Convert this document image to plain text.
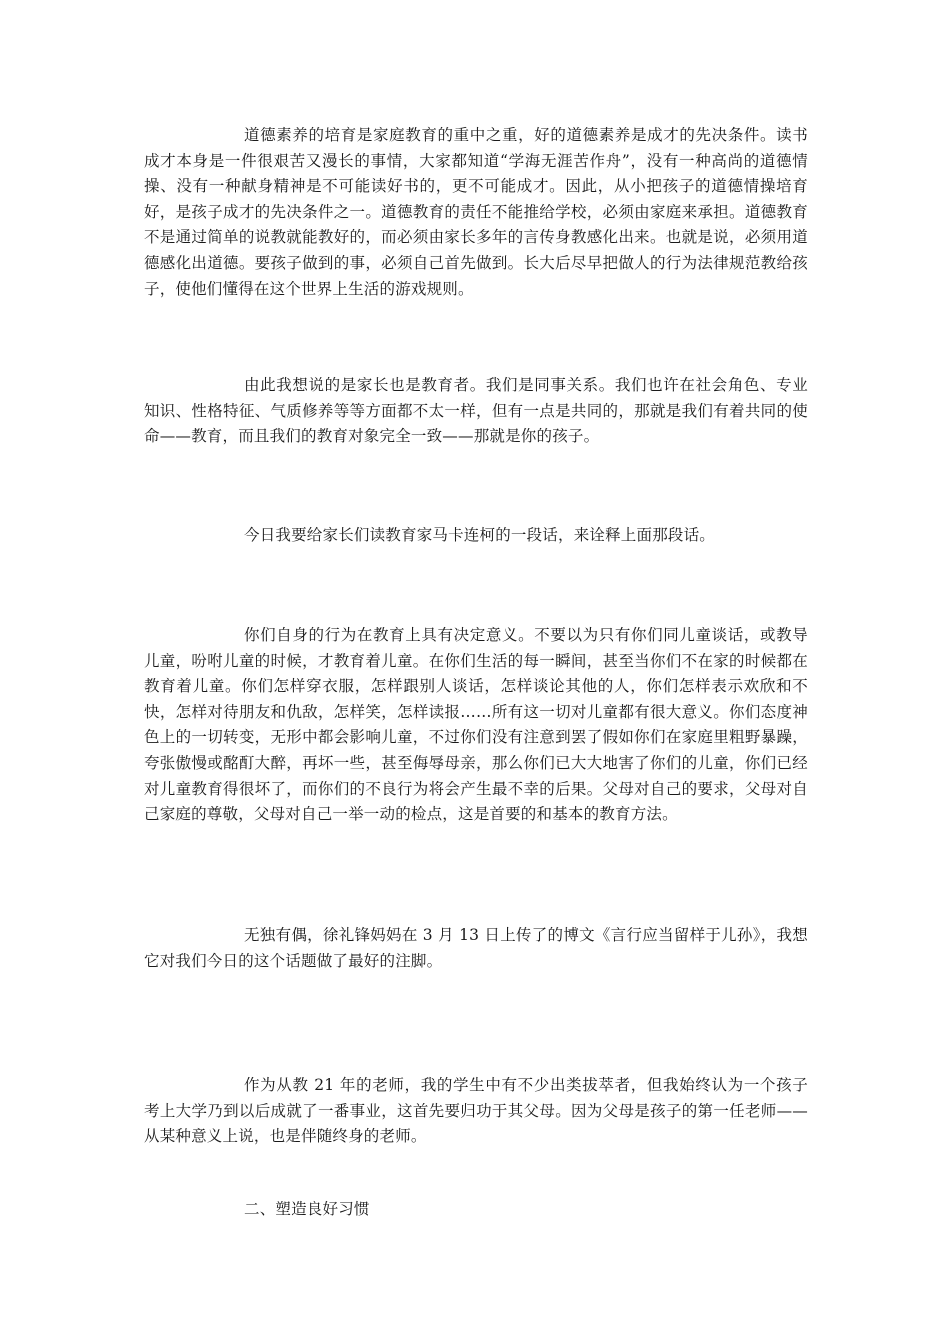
道德素养的培育是家庭教育的重中之重，好的道德素养是成才的先决条件。读书成才本身是一件很艰苦又漫长的事情，大家都知道“学海无涯苦作舟”，没有一种高尚的道德情操、没有一种献身精神是不可能读好书的，更不可能成才。因此，从小把孩子的道德情操培育好，是孩子成才的先决条件之一。道德教育的责任不能推给学校，必须由家庭来承担。道德教育不是通过简单的说教就能教好的，而必须由家长多年的言传身教感化出来。也就是说，必须用道德感化出道德。要孩子做到的事，必须自己首先做到。长大后尽早把做人的行为法律规范教给孩子，使他们懂得在这个世界上生活的游戏规则。

由此我想说的是家长也是教育者。我们是同事关系。我们也许在社会角色、专业知识、性格特征、气质修养等等方面都不太一样，但有一点是共同的，那就是我们有着共同的使命——教育，而且我们的教育对象完全一致——那就是你的孩子。

今日我要给家长们读教育家马卡连柯的一段话，来诠释上面那段话。

你们自身的行为在教育上具有决定意义。不要以为只有你们同儿童谈话，或教导儿童，吩咐儿童的时候，才教育着儿童。在你们生活的每一瞬间，甚至当你们不在家的时候都在教育着儿童。你们怎样穿衣服，怎样跟别人谈话，怎样谈论其他的人，你们怎样表示欢欣和不快，怎样对待朋友和仇敌，怎样笑，怎样读报……所有这一切对儿童都有很大意义。你们态度神色上的一切转变，无形中都会影响儿童，不过你们没有注意到罢了假如你们在家庭里粗野暴躁，夸张傲慢或酩酊大醉，再坏一些，甚至侮辱母亲，那么你们已大大地害了你们的儿童，你们已经对儿童教育得很坏了，而你们的不良行为将会产生最不幸的后果。父母对自己的要求，父母对自己家庭的尊敬，父母对自己一举一动的检点，这是首要的和基本的教育方法。

无独有偶，徐礼锋妈妈在 3 月 13 日上传了的博文《言行应当留样于儿孙》，我想它对我们今日的这个话题做了最好的注脚。

作为从教 21 年的老师，我的学生中有不少出类拔萃者，但我始终认为一个孩子考上大学乃到以后成就了一番事业，这首先要归功于其父母。因为父母是孩子的第一任老师——从某种意义上说，也是伴随终身的老师。

二、塑造良好习惯
